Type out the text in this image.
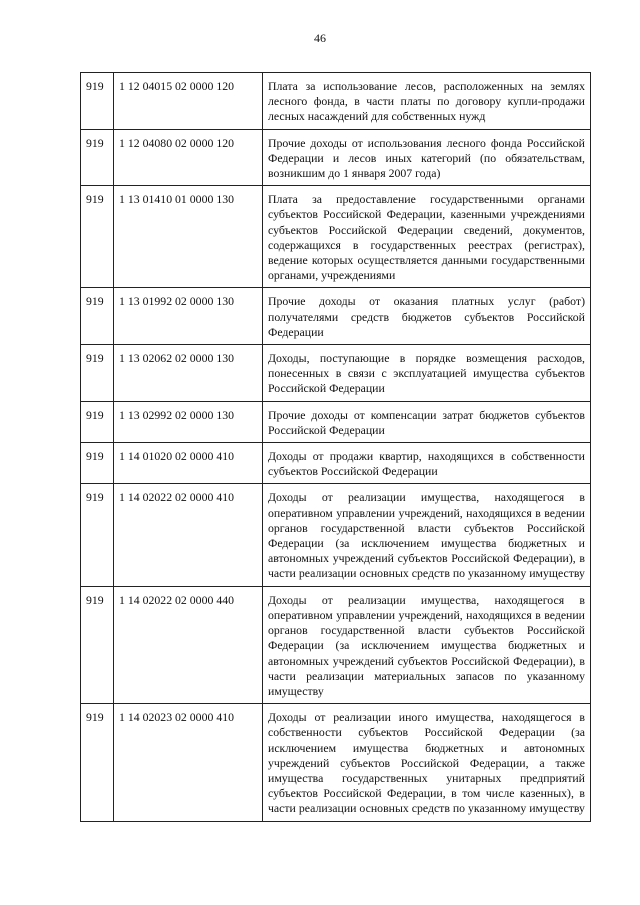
46
919	1 12 04015 02 0000 120	Плата за использование лесов, расположенных на землях лесного фонда, в части платы по договору купли-продажи лесных насаждений для собственных нужд
919	1 12 04080 02 0000 120	Прочие доходы от использования лесного фонда Российской Федерации и лесов иных категорий (по обязательствам, возникшим до 1 января 2007 года)
919	1 13 01410 01 0000 130	Плата за предоставление государственными органами субъектов Российской Федерации, казенными учреждениями субъектов Российской Федерации сведений, документов, содержащихся в государственных реестрах (регистрах), ведение которых осуществляется данными государственными органами, учреждениями
919	1 13 01992 02 0000 130	Прочие доходы от оказания платных услуг (работ) получателями средств бюджетов субъектов Российской Федерации
919	1 13 02062 02 0000 130	Доходы, поступающие в порядке возмещения расходов, понесенных в связи с эксплуатацией имущества субъектов Российской Федерации
919	1 13 02992 02 0000 130	Прочие доходы от компенсации затрат бюджетов субъектов Российской Федерации
919	1 14 01020 02 0000 410	Доходы от продажи квартир, находящихся в собственности субъектов Российской Федерации
919	1 14 02022 02 0000 410	Доходы от реализации имущества, находящегося в оперативном управлении учреждений, находящихся в ведении органов государственной власти субъектов Российской Федерации (за исключением имущества бюджетных и автономных учреждений субъектов Российской Федерации), в части реализации основных средств по указанному имуществу
919	1 14 02022 02 0000 440	Доходы от реализации имущества, находящегося в оперативном управлении учреждений, находящихся в ведении органов государственной власти субъектов Российской Федерации (за исключением имущества бюджетных и автономных учреждений субъектов Российской Федерации), в части реализации материальных запасов по указанному имуществу
919	1 14 02023 02 0000 410	Доходы от реализации иного имущества, находящегося в собственности субъектов Российской Федерации (за исключением имущества бюджетных и автономных учреждений субъектов Российской Федерации, а также имущества государственных унитарных предприятий субъектов Российской Федерации, в том числе казенных), в части реализации основных средств по указанному имуществу
